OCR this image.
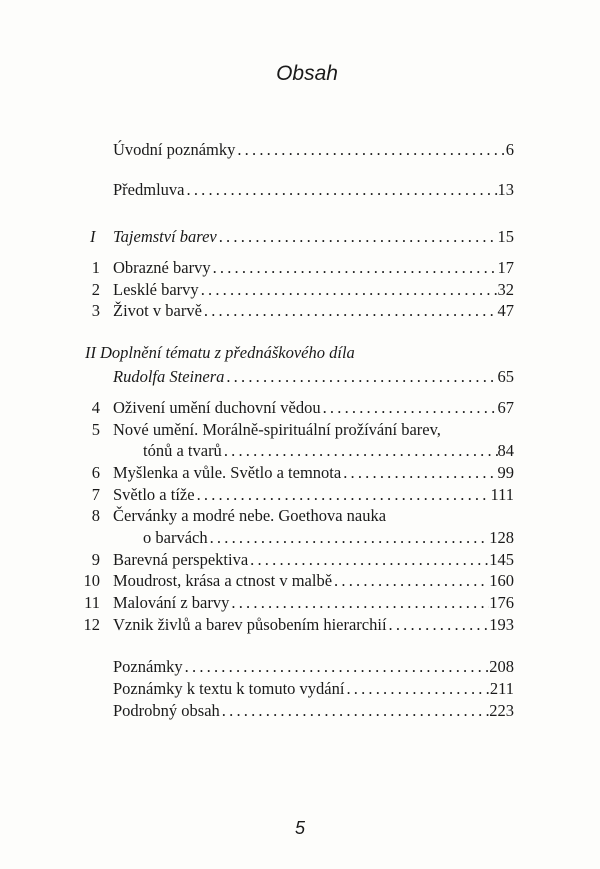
Obsah
Úvodní poznámky .....	6
Předmluva .....	13
I	Tajemství barev .....	15
1 Obrazné barvy .....	17
2 Lesklé barvy .....	32
3 Život v barvě .....	47
II Doplnění tématu z přednáškového díla
Rudolfa Steinera .....	65
4 Oživení umění duchovní vědou .....	67
5 Nové umění. Morálně-spirituální prožívání barev,
tónů a tvarů .....	84
6 Myšlenka a vůle. Světlo a temnota .....	99
7 Světlo a tíže .....	111
8 Červánky a modré nebe. Goethova nauka
o barvách .....	128
9 Barevná perspektiva .....	145
10 Moudrost, krása a ctnost v malbě .....	160
11 Malování z barvy .....	176
12 Vznik živlů a barev působením hierarchií .....	193
Poznámky .....	208
Poznámky k textu k tomuto vydání .....	211
Podrobný obsah .....	223
5
